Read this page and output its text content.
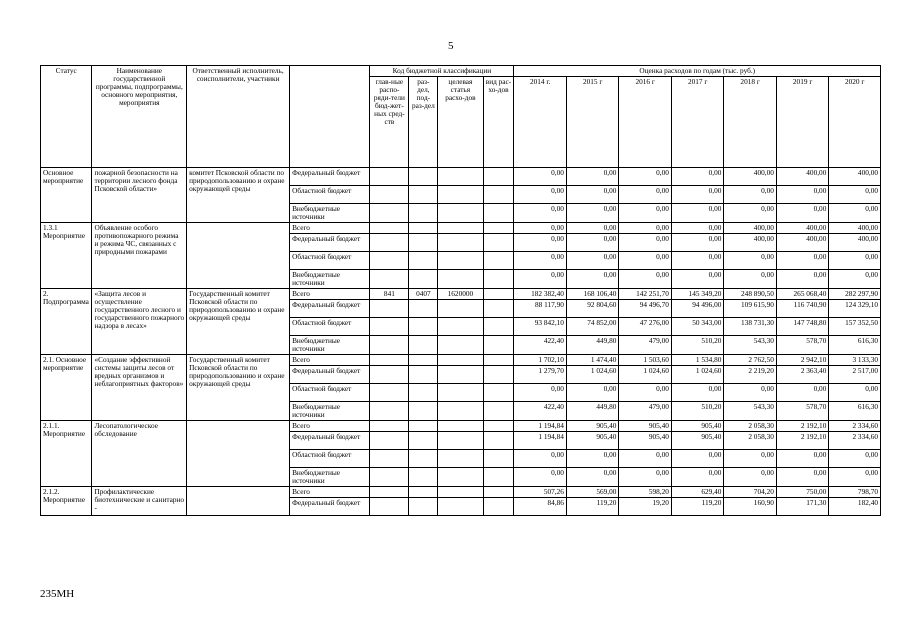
5
Статус	Наименование государственной программы, подпрограммы, основного мероприятия, мероприятия	Ответственный исполнитель, соисполнители, участники		Код бюджетной классификации				Оценка расходов по годам (тыс. руб.)						
				глав-ные распо-ряди-тели бюд-жет-ных сред-ств	раз-дел, под-раз-дел	целевая статья расхо-дов	вид рас-хо-дов	2014 г.	2015 г	2016 г	2017 г	2018 г	2019 г	2020 г
Основное мероприятие	пожарной безопасности на территории лесного фонда Псковской области»	комитет Псковской области по природопользованию и охране окружающей среды	Федеральный бюджет					0,00	0,00	0,00	0,00	400,00	400,00	400,00
			Областной бюджет					0,00	0,00	0,00	0,00	0,00	0,00	0,00
			Внебюджетные источники					0,00	0,00	0,00	0,00	0,00	0,00	0,00
1.3.1 Мероприятие	Объявление особого противопожарного режима и режима ЧС, связанных с природными пожарами		Всего					0,00	0,00	0,00	0,00	400,00	400,00	400,00
			Федеральный бюджет					0,00	0,00	0,00	0,00	400,00	400,00	400,00
			Областной бюджет					0,00	0,00	0,00	0,00	0,00	0,00	0,00
			Внебюджетные источники					0,00	0,00	0,00	0,00	0,00	0,00	0,00
2. Подпрограмма	«Защита лесов и осуществление государственного лесного и государственного пожарного надзора в лесах»	Государственный комитет Псковской области по природопользованию и охране окружающей среды	Всего	841	0407	1620000		182 382,40	168 106,40	142 251,70	145 349,20	248 890,50	265 068,40	282 297,90
			Федеральный бюджет					88 117,90	92 804,60	94 496,70	94 496,00	109 615,90	116 740,90	124 329,10
			Областной бюджет					93 842,10	74 852,00	47 276,00	50 343,00	138 731,30	147 748,80	157 352,50
			Внебюджетные источники					422,40	449,80	479,00	510,20	543,30	578,70	616,30
2.1. Основное мероприятие	«Создание эффективной системы защиты лесов от вредных организмов и неблагоприятных факторов»	Государственный комитет Псковской области по природопользованию и охране окружающей среды	Всего					1 702,10	1 474,40	1 503,60	1 534,80	2 762,50	2 942,10	3 133,30
			Федеральный бюджет					1 279,70	1 024,60	1 024,60	1 024,60	2 219,20	2 363,40	2 517,00
			Областной бюджет					0,00	0,00	0,00	0,00	0,00	0,00	0,00
			Внебюджетные источники					422,40	449,80	479,00	510,20	543,30	578,70	616,30
2.1.1. Мероприятие	Лесопатологическое обследование		Всего					1 194,84	905,40	905,40	905,40	2 058,30	2 192,10	2 334,60
			Федеральный бюджет					1 194,84	905,40	905,40	905,40	2 058,30	2 192,10	2 334,60
			Областной бюджет					0,00	0,00	0,00	0,00	0,00	0,00	0,00
			Внебюджетные источники					0,00	0,00	0,00	0,00	0,00	0,00	0,00
2.1.2. Мероприятие	Профилактические биотехнические и санитарно -		Всего					507,26	569,00	598,20	629,40	704,20	750,00	798,70
			Федеральный бюджет					84,86	119,20	19,20	119,20	160,90	171,30	182,40
235МН
